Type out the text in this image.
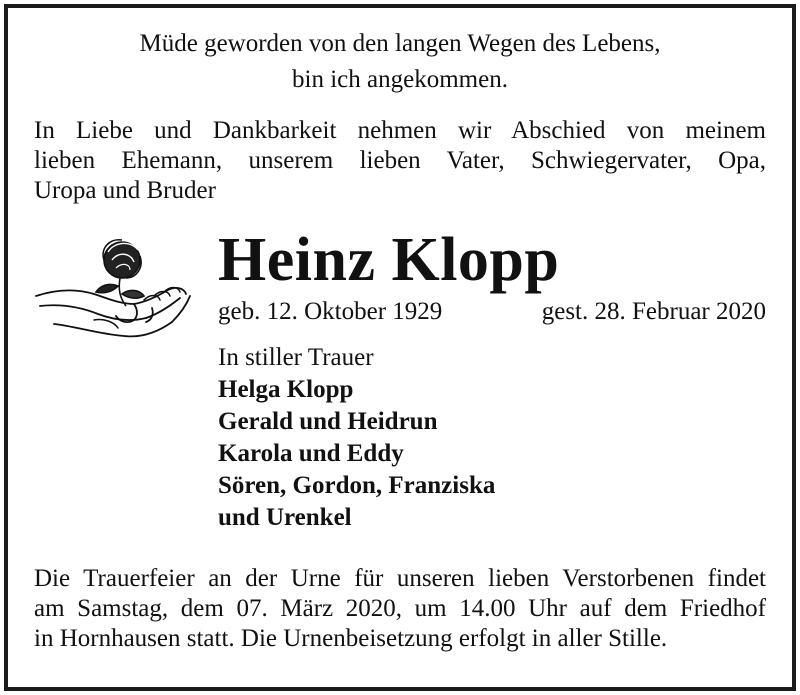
Müde geworden von den langen Wegen des Lebens,
bin ich angekommen.
In Liebe und Dankbarkeit nehmen wir Abschied von meinem
lieben Ehemann, unserem lieben Vater, Schwiegervater, Opa,
Uropa und Bruder
Heinz Klopp
geb. 12. Oktober 1929	gest. 28. Februar 2020
In stiller Trauer
Helga Klopp
Gerald und Heidrun
Karola und Eddy
Sören, Gordon, Franziska
und Urenkel
Die Trauerfeier an der Urne für unseren lieben Verstorbenen findet
am Samstag, dem 07. März 2020, um 14.00 Uhr auf dem Friedhof
in Hornhausen statt. Die Urnenbeisetzung erfolgt in aller Stille.
